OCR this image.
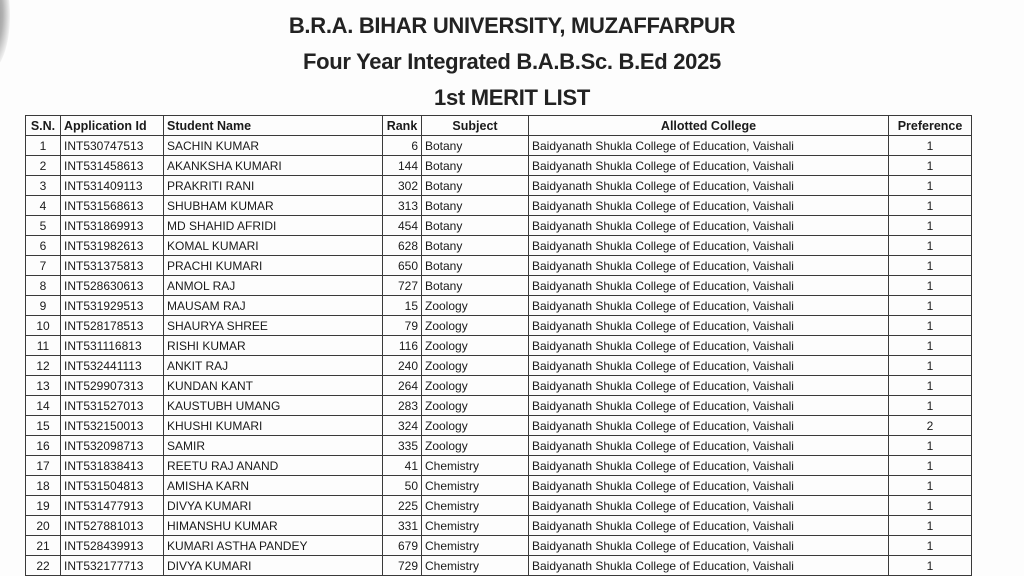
B.R.A. BIHAR UNIVERSITY, MUZAFFARPUR
Four Year Integrated B.A.B.Sc. B.Ed 2025
1st MERIT LIST
S.N.	Application Id	Student Name	Rank	Subject	Allotted College	Preference
1	INT530747513	SACHIN KUMAR	6	Botany	Baidyanath Shukla College of Education, Vaishali	1
2	INT531458613	AKANKSHA KUMARI	144	Botany	Baidyanath Shukla College of Education, Vaishali	1
3	INT531409113	PRAKRITI RANI	302	Botany	Baidyanath Shukla College of Education, Vaishali	1
4	INT531568613	SHUBHAM KUMAR	313	Botany	Baidyanath Shukla College of Education, Vaishali	1
5	INT531869913	MD SHAHID AFRIDI	454	Botany	Baidyanath Shukla College of Education, Vaishali	1
6	INT531982613	KOMAL KUMARI	628	Botany	Baidyanath Shukla College of Education, Vaishali	1
7	INT531375813	PRACHI KUMARI	650	Botany	Baidyanath Shukla College of Education, Vaishali	1
8	INT528630613	ANMOL RAJ	727	Botany	Baidyanath Shukla College of Education, Vaishali	1
9	INT531929513	MAUSAM RAJ	15	Zoology	Baidyanath Shukla College of Education, Vaishali	1
10	INT528178513	SHAURYA SHREE	79	Zoology	Baidyanath Shukla College of Education, Vaishali	1
11	INT531116813	RISHI KUMAR	116	Zoology	Baidyanath Shukla College of Education, Vaishali	1
12	INT532441113	ANKIT RAJ	240	Zoology	Baidyanath Shukla College of Education, Vaishali	1
13	INT529907313	KUNDAN KANT	264	Zoology	Baidyanath Shukla College of Education, Vaishali	1
14	INT531527013	KAUSTUBH UMANG	283	Zoology	Baidyanath Shukla College of Education, Vaishali	1
15	INT532150013	KHUSHI KUMARI	324	Zoology	Baidyanath Shukla College of Education, Vaishali	2
16	INT532098713	SAMIR	335	Zoology	Baidyanath Shukla College of Education, Vaishali	1
17	INT531838413	REETU RAJ ANAND	41	Chemistry	Baidyanath Shukla College of Education, Vaishali	1
18	INT531504813	AMISHA KARN	50	Chemistry	Baidyanath Shukla College of Education, Vaishali	1
19	INT531477913	DIVYA KUMARI	225	Chemistry	Baidyanath Shukla College of Education, Vaishali	1
20	INT527881013	HIMANSHU KUMAR	331	Chemistry	Baidyanath Shukla College of Education, Vaishali	1
21	INT528439913	KUMARI ASTHA PANDEY	679	Chemistry	Baidyanath Shukla College of Education, Vaishali	1
22	INT532177713	DIVYA KUMARI	729	Chemistry	Baidyanath Shukla College of Education, Vaishali	1
